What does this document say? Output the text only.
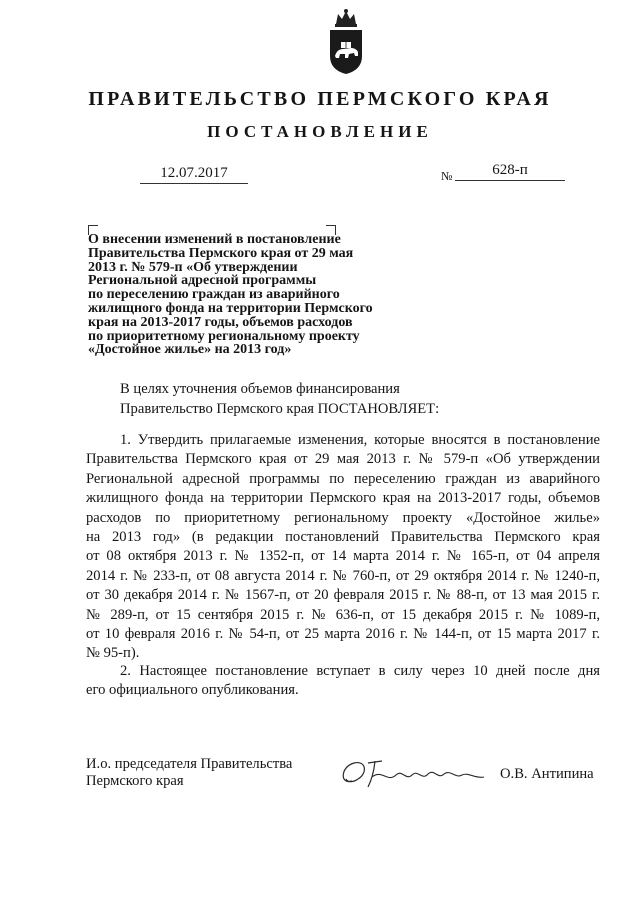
ПРАВИТЕЛЬСТВО ПЕРМСКОГО КРАЯ
ПОСТАНОВЛЕНИЕ
12.07.2017	№	628-п
О внесении изменений в постановление
Правительства Пермского края от 29 мая
2013 г. № 579-п «Об утверждении
Региональной адресной программы
по переселению граждан из аварийного
жилищного фонда на территории Пермского
края на 2013-2017 годы, объемов расходов
по приоритетному региональному проекту
«Достойное жилье» на 2013 год»
В целях уточнения объемов финансирования
Правительство Пермского края ПОСТАНОВЛЯЕТ:
1. Утвердить прилагаемые изменения, которые вносятся в постановление
Правительства Пермского края от 29 мая 2013 г. № 579-п «Об утверждении
Региональной адресной программы по переселению граждан из аварийного
жилищного фонда на территории Пермского края на 2013-2017 годы, объемов
расходов по приоритетному региональному проекту «Достойное жилье»
на 2013 год» (в редакции постановлений Правительства Пермского края
от 08 октября 2013 г. № 1352-п, от 14 марта 2014 г. № 165-п, от 04 апреля
2014 г. № 233-п, от 08 августа 2014 г. № 760-п, от 29 октября 2014 г. № 1240-п,
от 30 декабря 2014 г. № 1567-п, от 20 февраля 2015 г. № 88-п, от 13 мая 2015 г.
№ 289-п, от 15 сентября 2015 г. № 636-п, от 15 декабря 2015 г. № 1089-п,
от 10 февраля 2016 г. № 54-п, от 25 марта 2016 г. № 144-п, от 15 марта 2017 г.
№ 95-п).
2. Настоящее постановление вступает в силу через 10 дней после дня
его официального опубликования.
И.о. председателя Правительства
Пермского края	О.В. Антипина
